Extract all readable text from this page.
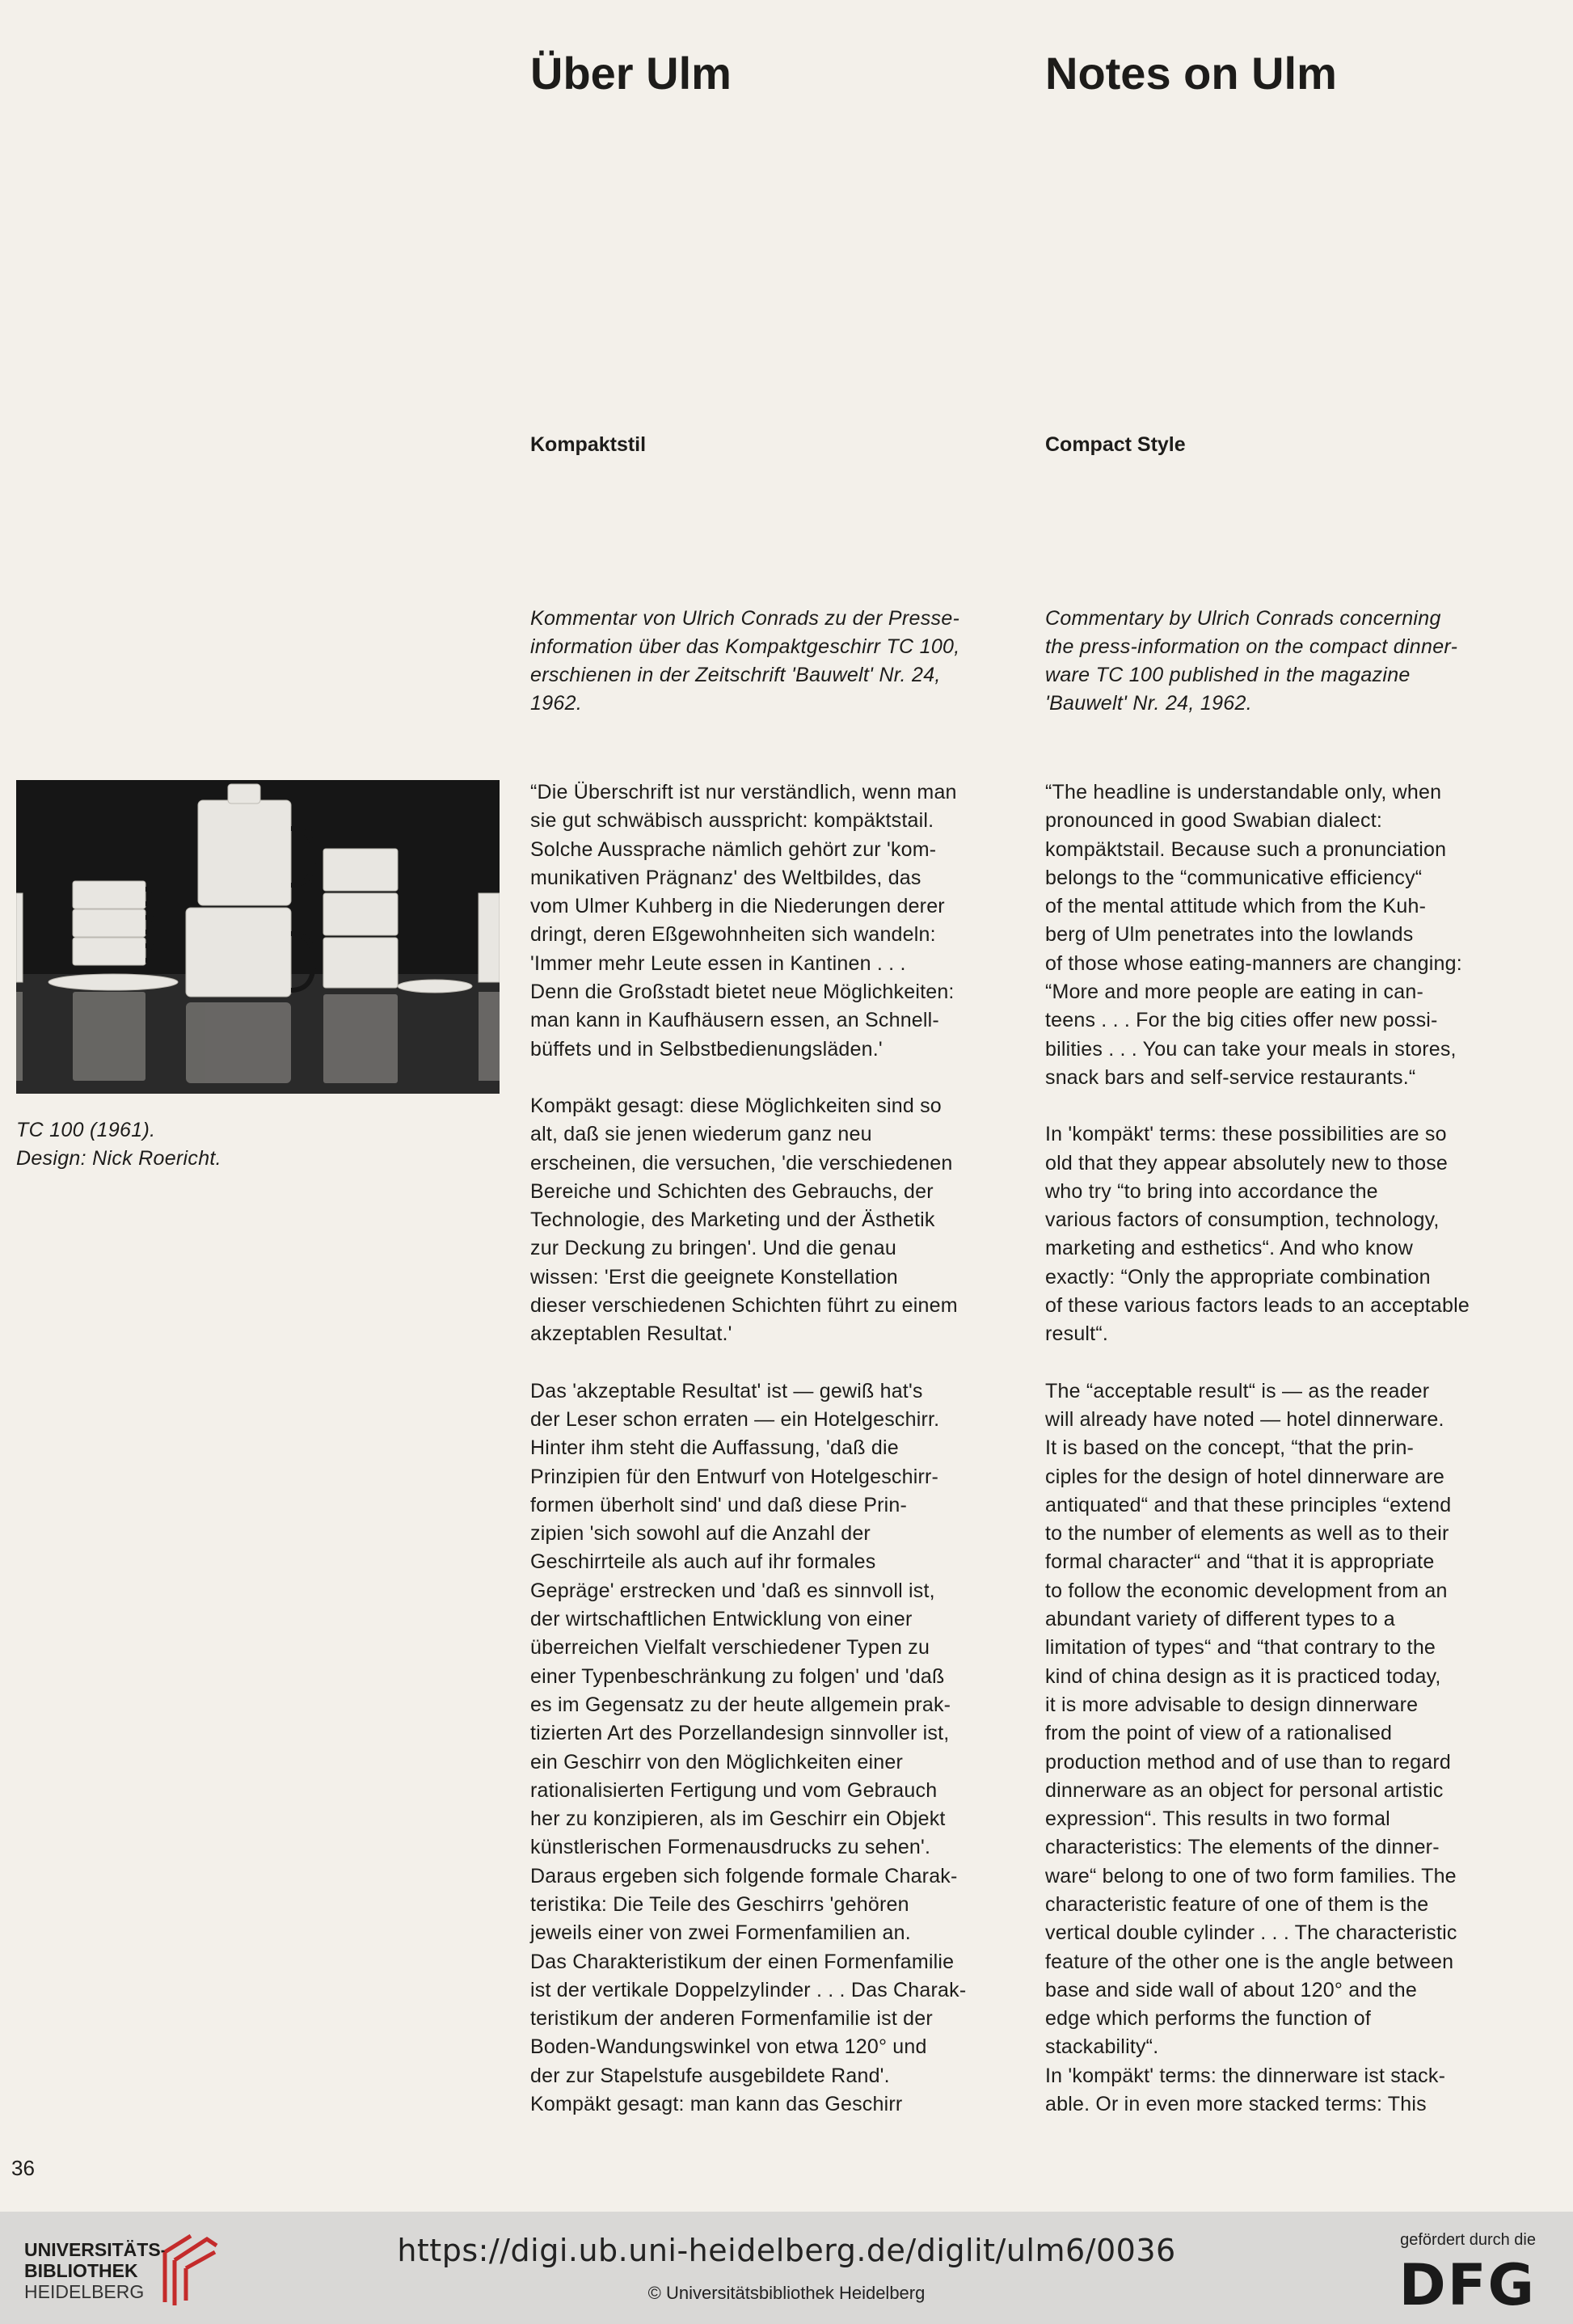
Über Ulm	Notes on Ulm
Kompaktstil	Compact Style

Kommentar von Ulrich Conrads zu der Presse-
information über das Kompaktgeschirr TC 100,
erschienen in der Zeitschrift 'Bauwelt' Nr. 24,
1962.

Commentary by Ulrich Conrads concerning
the press-information on the compact dinner-
ware TC 100 published in the magazine
'Bauwelt' Nr. 24, 1962.

TC 100 (1961).
Design: Nick Roericht.

“Die Überschrift ist nur verständlich, wenn man
sie gut schwäbisch ausspricht: kompäktstail.
Solche Aussprache nämlich gehört zur 'kom-
munikativen Prägnanz' des Weltbildes, das
vom Ulmer Kuhberg in die Niederungen derer
dringt, deren Eßgewohnheiten sich wandeln:
'Immer mehr Leute essen in Kantinen . . .
Denn die Großstadt bietet neue Möglichkeiten:
man kann in Kaufhäusern essen, an Schnell-
büffets und in Selbstbedienungsläden.'

Kompäkt gesagt: diese Möglichkeiten sind so
alt, daß sie jenen wiederum ganz neu
erscheinen, die versuchen, 'die verschiedenen
Bereiche und Schichten des Gebrauchs, der
Technologie, des Marketing und der Ästhetik
zur Deckung zu bringen'. Und die genau
wissen: 'Erst die geeignete Konstellation
dieser verschiedenen Schichten führt zu einem
akzeptablen Resultat.'

Das 'akzeptable Resultat' ist — gewiß hat's
der Leser schon erraten — ein Hotelgeschirr.
Hinter ihm steht die Auffassung, 'daß die
Prinzipien für den Entwurf von Hotelgeschirr-
formen überholt sind' und daß diese Prin-
zipien 'sich sowohl auf die Anzahl der
Geschirrteile als auch auf ihr formales
Gepräge' erstrecken und 'daß es sinnvoll ist,
der wirtschaftlichen Entwicklung von einer
überreichen Vielfalt verschiedener Typen zu
einer Typenbeschränkung zu folgen' und 'daß
es im Gegensatz zu der heute allgemein prak-
tizierten Art des Porzellandesign sinnvoller ist,
ein Geschirr von den Möglichkeiten einer
rationalisierten Fertigung und vom Gebrauch
her zu konzipieren, als im Geschirr ein Objekt
künstlerischen Formenausdrucks zu sehen'.
Daraus ergeben sich folgende formale Charak-
teristika: Die Teile des Geschirrs 'gehören
jeweils einer von zwei Formenfamilien an.
Das Charakteristikum der einen Formenfamilie
ist der vertikale Doppelzylinder . . . Das Charak-
teristikum der anderen Formenfamilie ist der
Boden-Wandungswinkel von etwa 120° und
der zur Stapelstufe ausgebildete Rand'.
Kompäkt gesagt: man kann das Geschirr

“The headline is understandable only, when
pronounced in good Swabian dialect:
kompäktstail. Because such a pronunciation
belongs to the “communicative efficiency“
of the mental attitude which from the Kuh-
berg of Ulm penetrates into the lowlands
of those whose eating-manners are changing:
“More and more people are eating in can-
teens . . . For the big cities offer new possi-
bilities . . . You can take your meals in stores,
snack bars and self-service restaurants.“

In 'kompäkt' terms: these possibilities are so
old that they appear absolutely new to those
who try “to bring into accordance the
various factors of consumption, technology,
marketing and esthetics“. And who know
exactly: “Only the appropriate combination
of these various factors leads to an acceptable
result“.

The “acceptable result“ is — as the reader
will already have noted — hotel dinnerware.
It is based on the concept, “that the prin-
ciples for the design of hotel dinnerware are
antiquated“ and that these principles “extend
to the number of elements as well as to their
formal character“ and “that it is appropriate
to follow the economic development from an
abundant variety of different types to a
limitation of types“ and “that contrary to the
kind of china design as it is practiced today,
it is more advisable to design dinnerware
from the point of view of a rationalised
production method and of use than to regard
dinnerware as an object for personal artistic
expression“. This results in two formal
characteristics: The elements of the dinner-
ware“ belong to one of two form families. The
characteristic feature of one of them is the
vertical double cylinder . . . The characteristic
feature of the other one is the angle between
base and side wall of about 120° and the
edge which performs the function of
stackability“.
In 'kompäkt' terms: the dinnerware ist stack-
able. Or in even more stacked terms: This

36
UNIVERSITÄTS-
BIBLIOTHEK
HEIDELBERG
https://digi.ub.uni-heidelberg.de/diglit/ulm6/0036
© Universitätsbibliothek Heidelberg
gefördert durch die
DFG
